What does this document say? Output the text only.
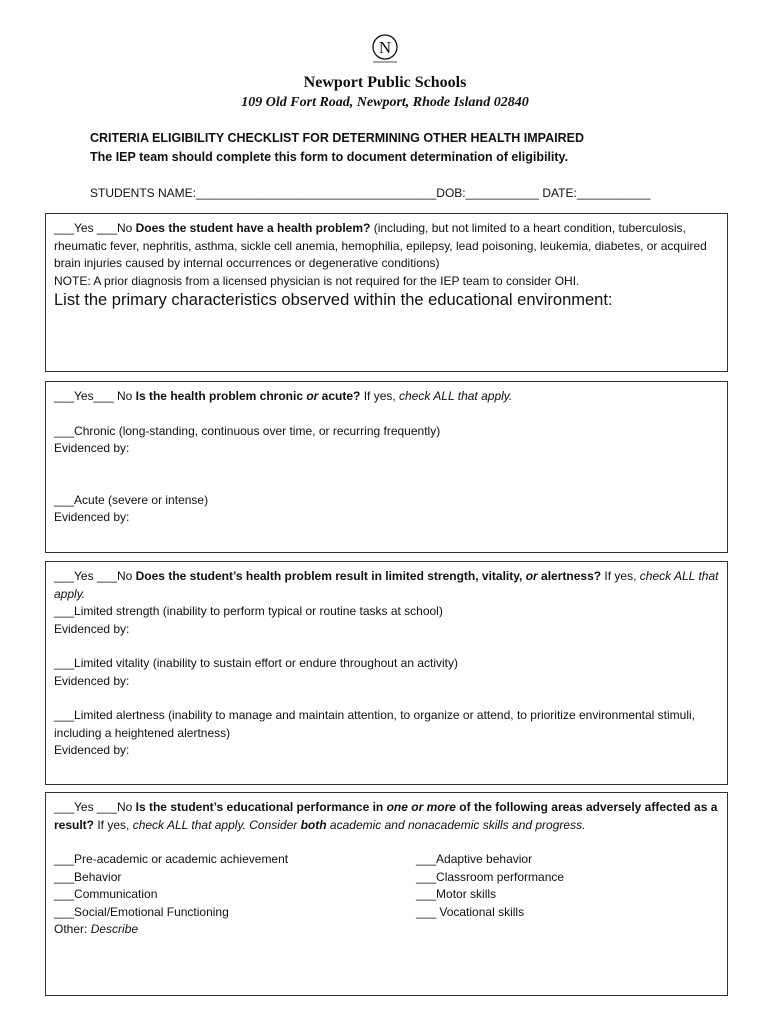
N
Newport Public Schools
109 Old Fort Road, Newport, Rhode Island 02840
CRITERIA ELIGIBILITY CHECKLIST FOR DETERMINING OTHER HEALTH IMPAIRED
The IEP team should complete this form to document determination of eligibility.
STUDENTS NAME:____________________________________DOB:___________ DATE:___________

___Yes ___No Does the student have a health problem? (including, but not limited to a heart condition, tuberculosis, rheumatic fever, nephritis, asthma, sickle cell anemia, hemophilia, epilepsy, lead poisoning, leukemia, diabetes, or acquired brain injuries caused by internal occurrences or degenerative conditions)

NOTE: A prior diagnosis from a licensed physician is not required for the IEP team to consider OHI.

List the primary characteristics observed within the educational environment:

___Yes___ No Is the health problem chronic or acute? If yes, check ALL that apply.

___Chronic (long-standing, continuous over time, or recurring frequently)

Evidenced by:

___Acute (severe or intense)

Evidenced by:

___Yes ___No Does the student’s health problem result in limited strength, vitality, or alertness? If yes, check ALL that apply.

___Limited strength (inability to perform typical or routine tasks at school)

Evidenced by:

___Limited vitality (inability to sustain effort or endure throughout an activity)

Evidenced by:

___Limited alertness (inability to manage and maintain attention, to organize or attend, to prioritize environmental stimuli, including a heightened alertness)

Evidenced by:

___Yes ___No Is the student’s educational performance in one or more of the following areas adversely affected as a result? If yes, check ALL that apply. Consider both academic and nonacademic skills and progress.

___Pre-academic or academic achievement

___Behavior

___Communication

___Social/Emotional Functioning

___Adaptive behavior

___Classroom performance

___Motor skills

___ Vocational skills

Other: Describe
